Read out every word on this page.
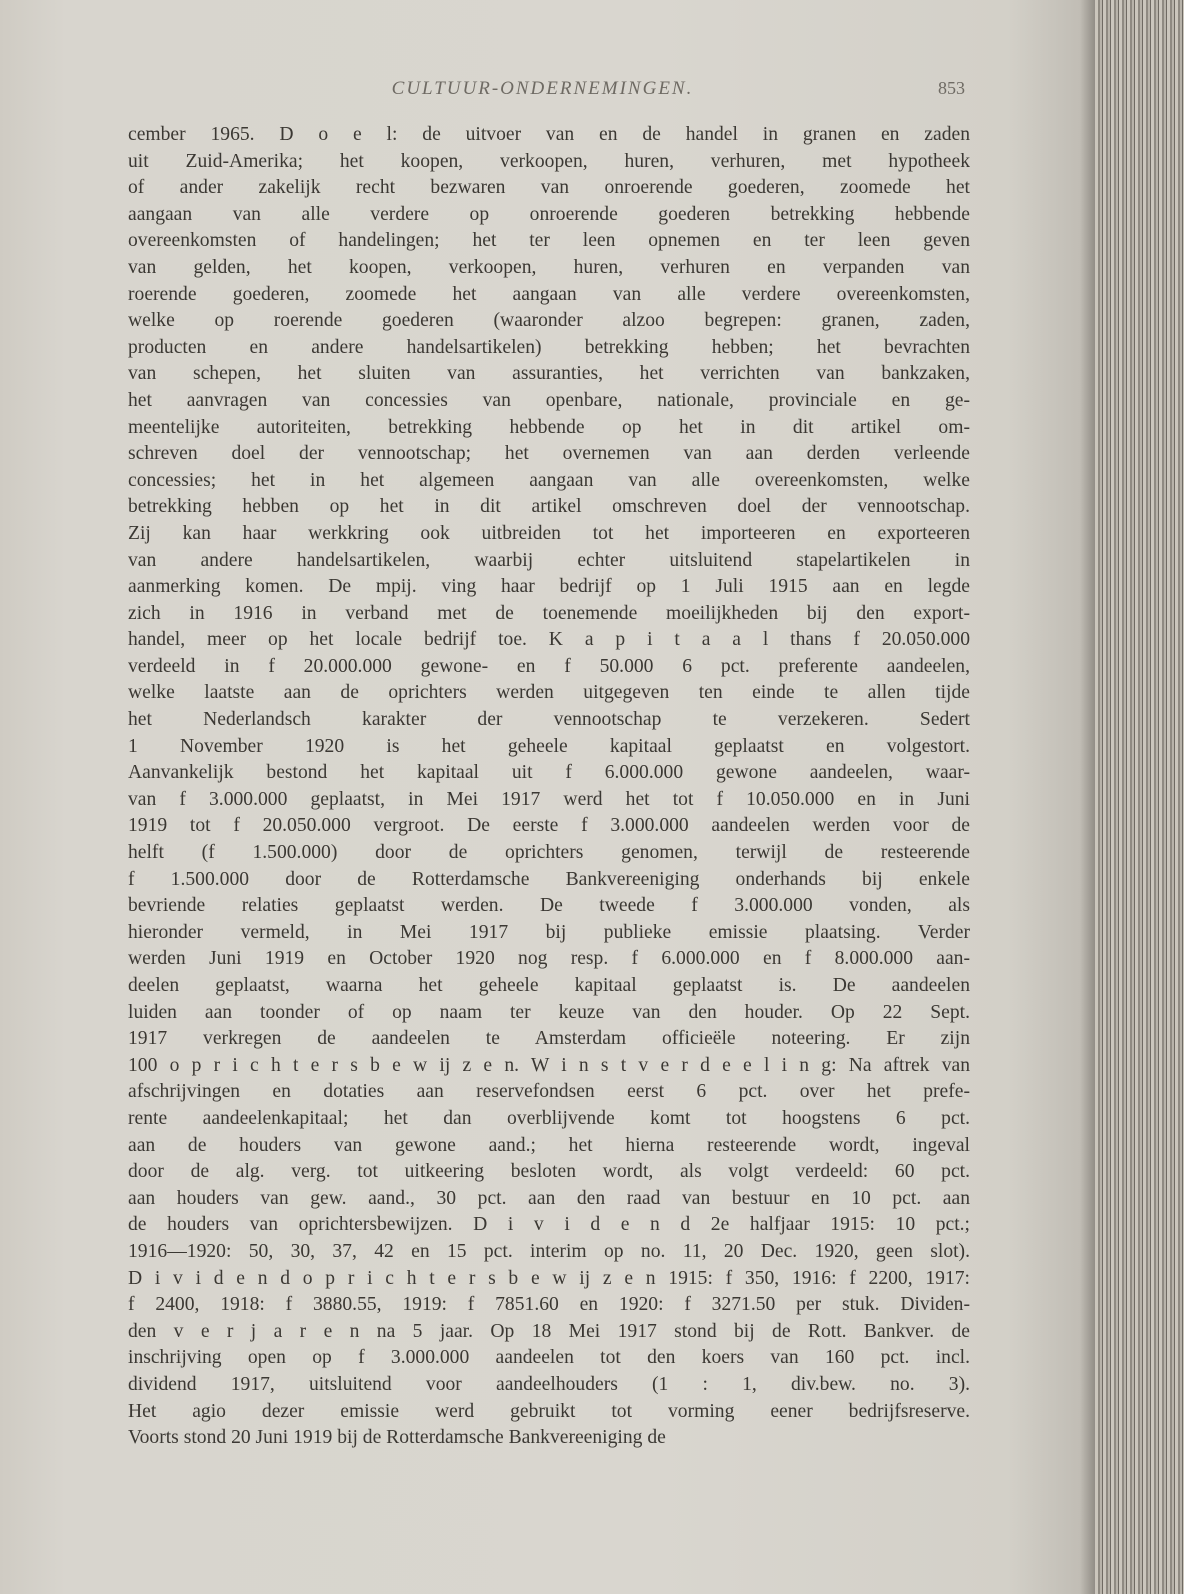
CULTUUR-ONDERNEMINGEN.	853
cember 1965. D o e l: de uitvoer van en de handel in granen en zaden
uit Zuid-Amerika; het koopen, verkoopen, huren, verhuren, met hypotheek
of ander zakelijk recht bezwaren van onroerende goederen, zoomede het
aangaan van alle verdere op onroerende goederen betrekking hebbende
overeenkomsten of handelingen; het ter leen opnemen en ter leen geven
van gelden, het koopen, verkoopen, huren, verhuren en verpanden van
roerende goederen, zoomede het aangaan van alle verdere overeenkomsten,
welke op roerende goederen (waaronder alzoo begrepen: granen, zaden,
producten en andere handelsartikelen) betrekking hebben; het bevrachten
van schepen, het sluiten van assuranties, het verrichten van bankzaken,
het aanvragen van concessies van openbare, nationale, provinciale en ge-
meentelijke autoriteiten, betrekking hebbende op het in dit artikel om-
schreven doel der vennootschap; het overnemen van aan derden verleende
concessies; het in het algemeen aangaan van alle overeenkomsten, welke
betrekking hebben op het in dit artikel omschreven doel der vennootschap.
Zij kan haar werkkring ook uitbreiden tot het importeeren en exporteeren
van andere handelsartikelen, waarbij echter uitsluitend stapelartikelen in
aanmerking komen. De mpij. ving haar bedrijf op 1 Juli 1915 aan en legde
zich in 1916 in verband met de toenemende moeilijkheden bij den export-
handel, meer op het locale bedrijf toe. K a p i t a a l thans f 20.050.000
verdeeld in f 20.000.000 gewone- en f 50.000 6 pct. preferente aandeelen,
welke laatste aan de oprichters werden uitgegeven ten einde te allen tijde
het Nederlandsch karakter der vennootschap te verzekeren. Sedert
1 November 1920 is het geheele kapitaal geplaatst en volgestort.
Aanvankelijk bestond het kapitaal uit f 6.000.000 gewone aandeelen, waar-
van f 3.000.000 geplaatst, in Mei 1917 werd het tot f 10.050.000 en in Juni
1919 tot f 20.050.000 vergroot. De eerste f 3.000.000 aandeelen werden voor de
helft (f 1.500.000) door de oprichters genomen, terwijl de resteerende
f 1.500.000 door de Rotterdamsche Bankvereeniging onderhands bij enkele
bevriende relaties geplaatst werden. De tweede f 3.000.000 vonden, als
hieronder vermeld, in Mei 1917 bij publieke emissie plaatsing. Verder
werden Juni 1919 en October 1920 nog resp. f 6.000.000 en f 8.000.000 aan-
deelen geplaatst, waarna het geheele kapitaal geplaatst is. De aandeelen
luiden aan toonder of op naam ter keuze van den houder. Op 22 Sept.
1917 verkregen de aandeelen te Amsterdam officieële noteering. Er zijn
100 o p r i c h t e r s b e w ij z e n. W i n s t v e r d e e l i n g: Na aftrek van
afschrijvingen en dotaties aan reservefondsen eerst 6 pct. over het prefe-
rente aandeelenkapitaal; het dan overblijvende komt tot hoogstens 6 pct.
aan de houders van gewone aand.; het hierna resteerende wordt, ingeval
door de alg. verg. tot uitkeering besloten wordt, als volgt verdeeld: 60 pct.
aan houders van gew. aand., 30 pct. aan den raad van bestuur en 10 pct. aan
de houders van oprichtersbewijzen. D i v i d e n d 2e halfjaar 1915: 10 pct.;
1916—1920: 50, 30, 37, 42 en 15 pct. interim op no. 11, 20 Dec. 1920, geen slot).
D i v i d e n d o p r i c h t e r s b e w ij z e n 1915: f 350, 1916: f 2200, 1917:
f 2400, 1918: f 3880.55, 1919: f 7851.60 en 1920: f 3271.50 per stuk. Dividen-
den v e r j a r e n na 5 jaar. Op 18 Mei 1917 stond bij de Rott. Bankver. de
inschrijving open op f 3.000.000 aandeelen tot den koers van 160 pct. incl.
dividend 1917, uitsluitend voor aandeelhouders (1 : 1, div.bew. no. 3).
Het agio dezer emissie werd gebruikt tot vorming eener bedrijfsreserve.
Voorts stond 20 Juni 1919 bij de Rotterdamsche Bankvereeniging de
